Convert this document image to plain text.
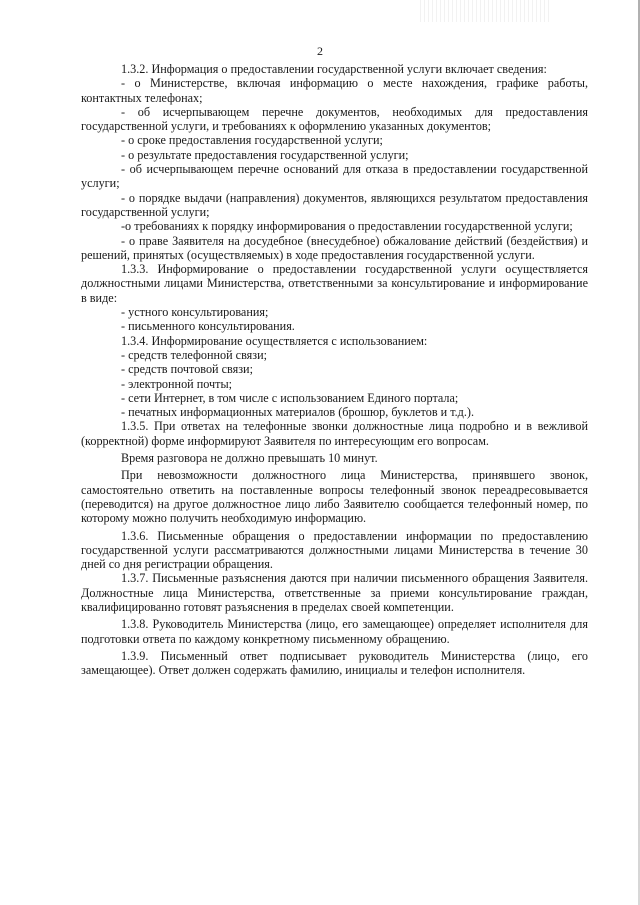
2

1.3.2. Информация о предоставлении государственной услуги включает сведения:

- о Министерстве, включая информацию о месте нахождения, графике работы, контактных телефонах;

- об исчерпывающем перечне документов, необходимых для предоставления государственной услуги, и требованиях к оформлению указанных документов;

- о сроке предоставления государственной услуги;

- о результате предоставления государственной услуги;

- об исчерпывающем перечне оснований для отказа в предоставлении государственной услуги;

- о порядке выдачи (направления) документов, являющихся результатом предоставления государственной услуги;

-о требованиях к порядку информирования о предоставлении государственной услуги;

- о праве Заявителя на досудебное (внесудебное) обжалование действий (бездействия) и решений, принятых (осуществляемых) в ходе предоставления государственной услуги.

1.3.3. Информирование о предоставлении государственной услуги осуществляется должностными лицами Министерства, ответственными за консультирование и информирование в виде:

- устного консультирования;

- письменного консультирования.

1.3.4. Информирование осуществляется с использованием:

- средств телефонной связи;

- средств почтовой связи;

- электронной почты;

- сети Интернет, в том числе с использованием Единого портала;

- печатных информационных материалов (брошюр, буклетов и т.д.).

1.3.5. При ответах на телефонные звонки должностные лица подробно и в вежливой (корректной) форме информируют Заявителя по интересующим его вопросам.

Время разговора не должно превышать 10 минут.

При невозможности должностного лица Министерства, принявшего звонок, самостоятельно ответить на поставленные вопросы телефонный звонок переадресовывается (переводится) на другое должностное лицо либо Заявителю сообщается телефонный номер, по которому можно получить необходимую информацию.

1.3.6. Письменные обращения о предоставлении информации по предоставлению государственной услуги рассматриваются должностными лицами Министерства в течение 30 дней со дня регистрации обращения.

1.3.7. Письменные разъяснения даются при наличии письменного обращения Заявителя. Должностные лица Министерства, ответственные за приеми консультирование граждан, квалифицированно готовят разъяснения в пределах своей компетенции.

1.3.8. Руководитель Министерства (лицо, его замещающее) определяет исполнителя для подготовки ответа по каждому конкретному письменному обращению.

1.3.9. Письменный ответ подписывает руководитель Министерства (лицо, его замещающее). Ответ должен содержать фамилию, инициалы и телефон исполнителя.
